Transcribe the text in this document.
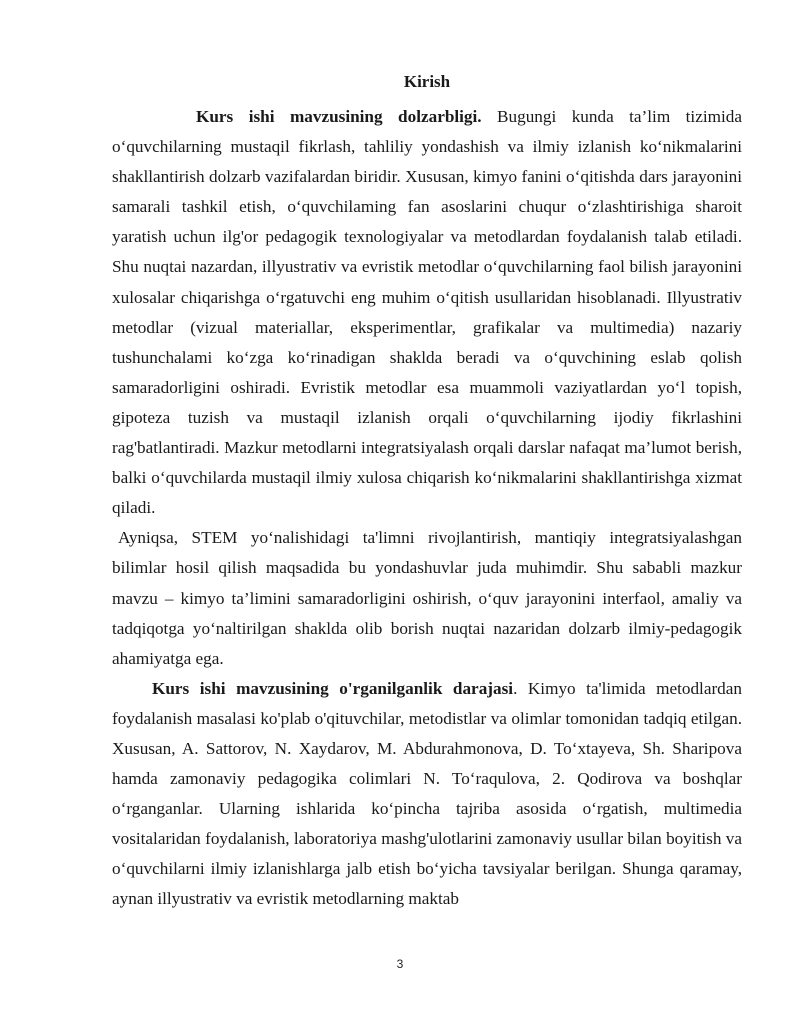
Kirish

Kurs ishi mavzusining dolzarbligi. Bugungi kunda ta’lim tizimida o‘quvchilarning mustaqil fikrlash, tahliliy yondashish va ilmiy izlanish ko‘nikmalarini shakllantirish dolzarb vazifalardan biridir. Xususan, kimyo fanini o‘qitishda dars jarayonini samarali tashkil etish, o‘quvchilaming fan asoslarini chuqur o‘zlashtirishiga sharoit yaratish uchun ilg'or pedagogik texnologiyalar va metodlardan foydalanish talab etiladi. Shu nuqtai nazardan, illyustrativ va evristik metodlar o‘quvchilarning faol bilish jarayonini xulosalar chiqarishga o‘rgatuvchi eng muhim o‘qitish usullaridan hisoblanadi. Illyustrativ metodlar (vizual materiallar, eksperimentlar, grafikalar va multimedia) nazariy tushunchalami ko‘zga ko‘rinadigan shaklda beradi va o‘quvchining eslab qolish samaradorligini oshiradi. Evristik metodlar esa muammoli vaziyatlardan yo‘l topish, gipoteza tuzish va mustaqil izlanish orqali o‘quvchilarning ijodiy fikrlashini rag'batlantiradi. Mazkur metodlarni integratsiyalash orqali darslar nafaqat ma’lumot berish, balki o‘quvchilarda mustaqil ilmiy xulosa chiqarish ko‘nikmalarini shakllantirishga xizmat qiladi.

Ayniqsa, STEM yo‘nalishidagi ta'limni rivojlantirish, mantiqiy integratsiyalashgan bilimlar hosil qilish maqsadida bu yondashuvlar juda muhimdir. Shu sababli mazkur mavzu – kimyo ta’limini samaradorligini oshirish, o‘quv jarayonini interfaol, amaliy va tadqiqotga yo‘naltirilgan shaklda olib borish nuqtai nazaridan dolzarb ilmiy-pedagogik ahamiyatga ega.

Kurs ishi mavzusining o'rganilganlik darajasi. Kimyo ta'limida metodlardan foydalanish masalasi ko'plab o'qituvchilar, metodistlar va olimlar tomonidan tadqiq etilgan. Xususan, A. Sattorov, N. Xaydarov, M. Abdurahmonova, D. To‘xtayeva, Sh. Sharipova hamda zamonaviy pedagogika colimlari N. To‘raqulova, 2. Qodirova va boshqlar o‘rganganlar. Ularning ishlarida ko‘pincha tajriba asosida o‘rgatish, multimedia vositalaridan foydalanish, laboratoriya mashg'ulotlarini zamonaviy usullar bilan boyitish va o‘quvchilarni ilmiy izlanishlarga jalb etish bo‘yicha tavsiyalar berilgan. Shunga qaramay, aynan illyustrativ va evristik metodlarning maktab

3
